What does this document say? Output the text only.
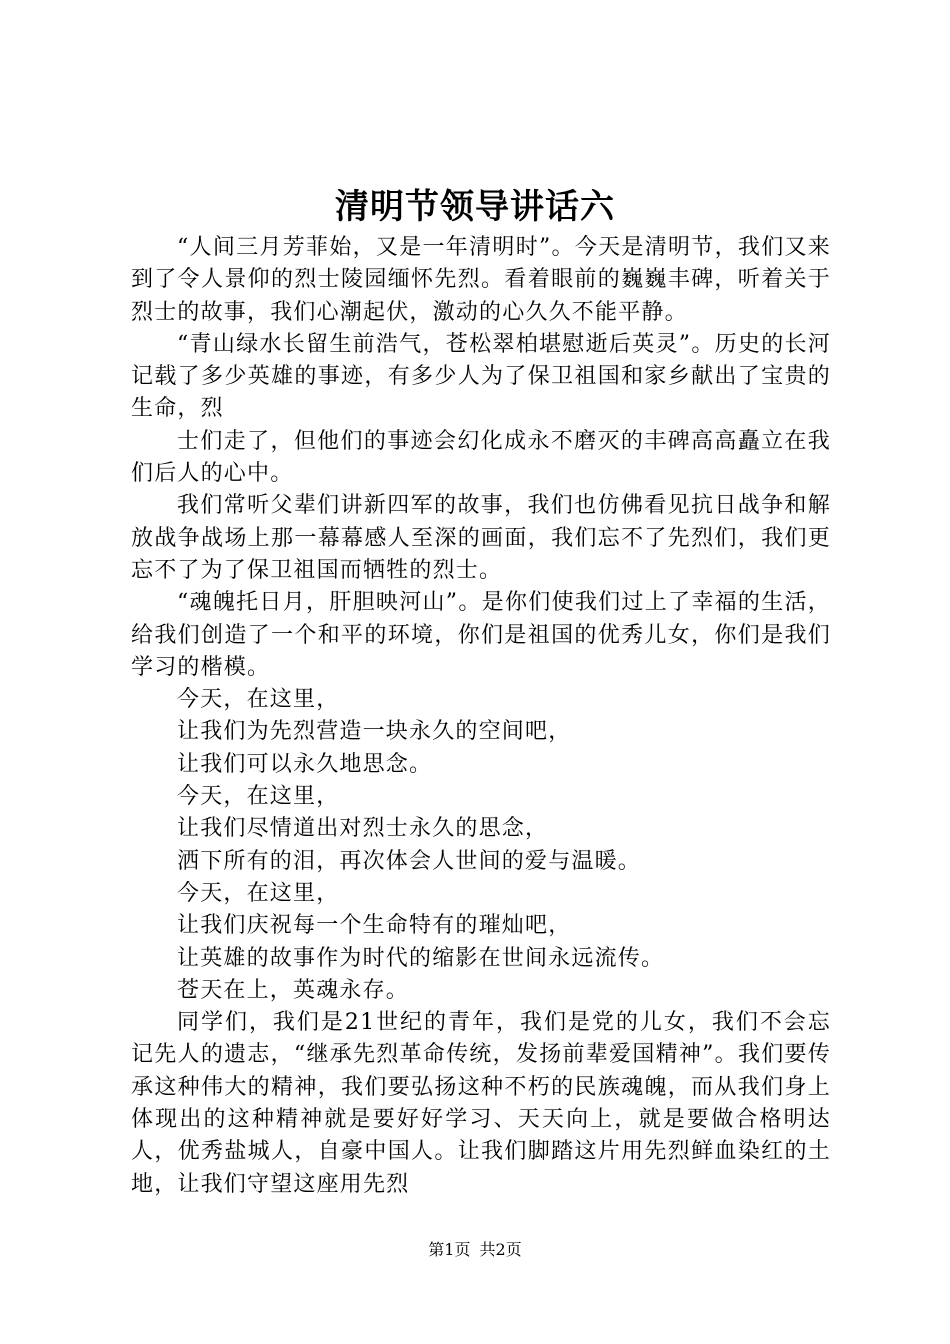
清明节领导讲话六

“人间三月芳菲始，又是一年清明时”。今天是清明节，我们又来到了令人景仰的烈士陵园缅怀先烈。看着眼前的巍巍丰碑，听着关于烈士的故事，我们心潮起伏，激动的心久久不能平静。

“青山绿水长留生前浩气，苍松翠柏堪慰逝后英灵”。历史的长河记载了多少英雄的事迹，有多少人为了保卫祖国和家乡献出了宝贵的生命，烈

士们走了，但他们的事迹会幻化成永不磨灭的丰碑高高矗立在我们后人的心中。

我们常听父辈们讲新四军的故事，我们也仿佛看见抗日战争和解放战争战场上那一幕幕感人至深的画面，我们忘不了先烈们，我们更忘不了为了保卫祖国而牺牲的烈士。

“魂魄托日月，肝胆映河山”。是你们使我们过上了幸福的生活，给我们创造了一个和平的环境，你们是祖国的优秀儿女，你们是我们学习的楷模。

今天，在这里，

让我们为先烈营造一块永久的空间吧，

让我们可以永久地思念。

今天，在这里，

让我们尽情道出对烈士永久的思念，

洒下所有的泪，再次体会人世间的爱与温暖。

今天，在这里，

让我们庆祝每一个生命特有的璀灿吧，

让英雄的故事作为时代的缩影在世间永远流传。

苍天在上，英魂永存。

同学们，我们是21世纪的青年，我们是党的儿女，我们不会忘记先人的遗志，“继承先烈革命传统，发扬前辈爱国精神”。我们要传承这种伟大的精神，我们要弘扬这种不朽的民族魂魄，而从我们身上体现出的这种精神就是要好好学习、天天向上，就是要做合格明达人，优秀盐城人，自豪中国人。让我们脚踏这片用先烈鲜血染红的土地，让我们守望这座用先烈

第1页 共2页
